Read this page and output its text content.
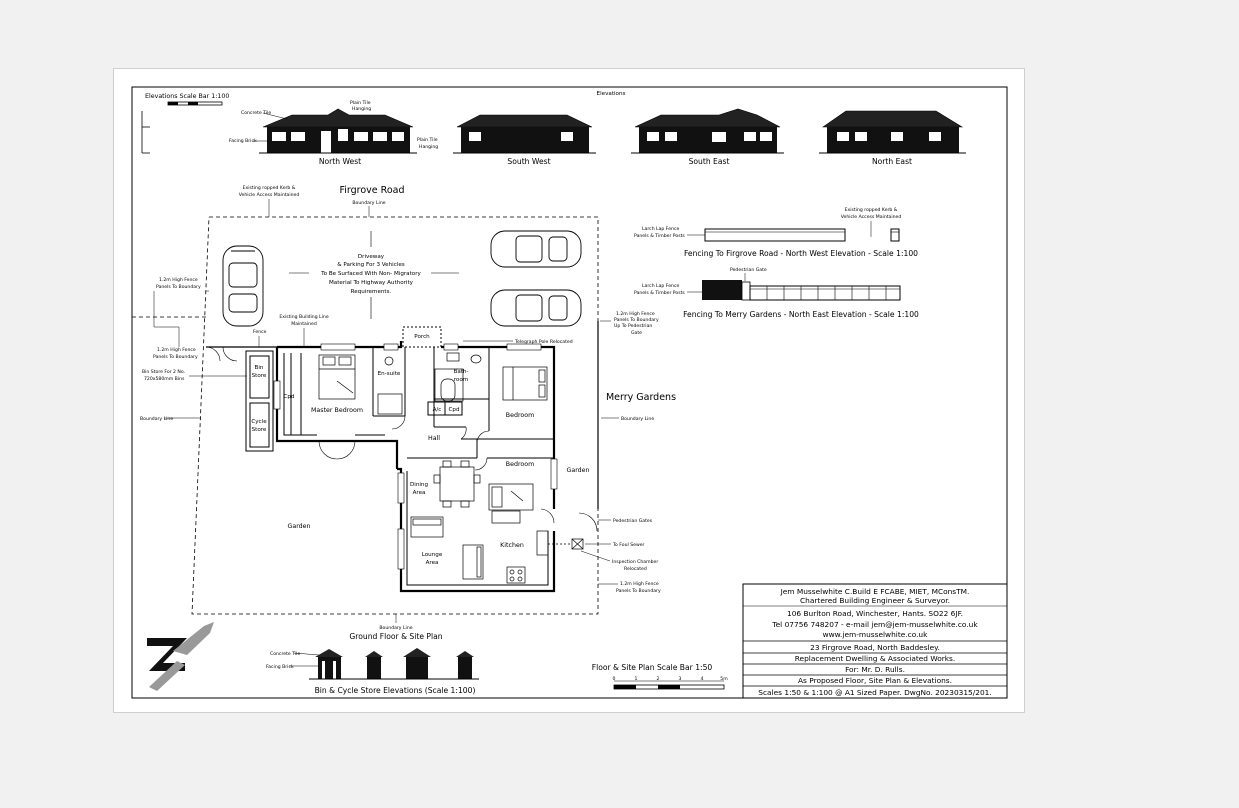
Elevations
Elevations Scale Bar 1:100
North West
Concrete Tile
Facing Brick
Plain Tile
Hanging
Plain Tile
Hanging
South West	South East	North East
Firgrove Road
Boundary Line
Existing ropped Kerb &
Vehicle Access Maintained
Driveway
& Parking For 3 Vehicles
To Be Surfaced With Non- Migratory
Material To Highway Authority
Requirements.
1.2m High Fence
Panels To Boundary
1.2m High Fence
Panels To Boundary
Bin Store For 2 No.
720x580mm Bins
Boundary Line
Fence
Existing Building Line
Maintained
Bin
Store
Cycle
Store
Porch
Cpd
Master Bedroom
En-suite	Bath-
room
A/c Cpd
Bedroom
Bedroom
Hall
Dining
Area
Lounge
Area
Kitchen
Garden
Garden
Merry Gardens
Boundary Line
Telegraph Pole Relocated
1.2m High Fence
Panels To Boundary
Up To Pedestrian
Gate
Pedestrian Gates
To Foul Sewer
Inspection Chamber
Relocated
1.2m High Fence
Panels To Boundary
Boundary Line
Ground Floor & Site Plan
Concrete Tile
Facing Brick
Bin & Cycle Store Elevations (Scale 1:100)
Floor & Site Plan Scale Bar 1:50
0	1	2	3	4	5m
Existing ropped Kerb &
Vehicle Access Maintained
Larch Lap Fence
Panels & Timber Posts
Fencing To Firgrove Road - North West Elevation - Scale 1:100
Pedestrian Gate
Larch Lap Fence
Panels & Timber Posts
Fencing To Merry Gardens - North East Elevation - Scale 1:100
Jem Musselwhite C.Build E FCABE, MIET, MConsTM.
Chartered Building Engineer & Surveyor.
106 Burlton Road, Winchester, Hants. SO22 6JF.
Tel 07756 748207 - e-mail jem@jem-musselwhite.co.uk
www.jem-musselwhite.co.uk
23 Firgrove Road, North Baddesley.
Replacement Dwelling & Associated Works.
For: Mr. D. Rulls.
As Proposed Floor, Site Plan & Elevations.
Scales 1:50 & 1:100 @ A1 Sized Paper. DwgNo. 20230315/201.
